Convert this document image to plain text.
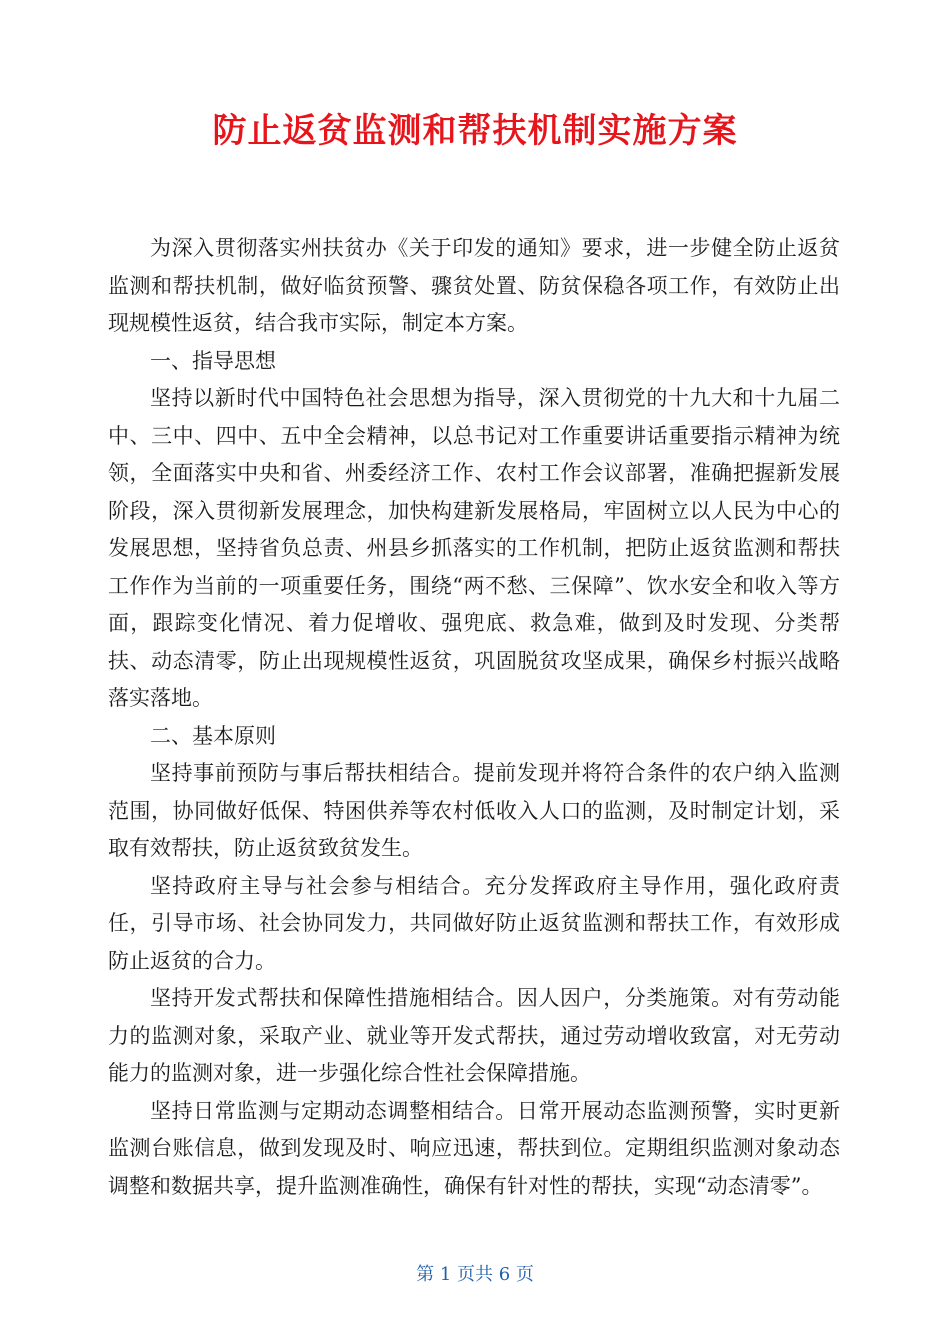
防止返贫监测和帮扶机制实施方案

为深入贯彻落实州扶贫办《关于印发的通知》要求，进一步健全防止返贫监测和帮扶机制，做好临贫预警、骤贫处置、防贫保稳各项工作，有效防止出现规模性返贫，结合我市实际，制定本方案。

一、指导思想

坚持以新时代中国特色社会思想为指导，深入贯彻党的十九大和十九届二中、三中、四中、五中全会精神，以总书记对工作重要讲话重要指示精神为统领，全面落实中央和省、州委经济工作、农村工作会议部署，准确把握新发展阶段，深入贯彻新发展理念，加快构建新发展格局，牢固树立以人民为中心的发展思想，坚持省负总责、州县乡抓落实的工作机制，把防止返贫监测和帮扶工作作为当前的一项重要任务，围绕“两不愁、三保障”、饮水安全和收入等方面，跟踪变化情况、着力促增收、强兜底、救急难，做到及时发现、分类帮扶、动态清零，防止出现规模性返贫，巩固脱贫攻坚成果，确保乡村振兴战略落实落地。

二、基本原则

坚持事前预防与事后帮扶相结合。提前发现并将符合条件的农户纳入监测范围，协同做好低保、特困供养等农村低收入人口的监测，及时制定计划，采取有效帮扶，防止返贫致贫发生。

坚持政府主导与社会参与相结合。充分发挥政府主导作用，强化政府责任，引导市场、社会协同发力，共同做好防止返贫监测和帮扶工作，有效形成防止返贫的合力。

坚持开发式帮扶和保障性措施相结合。因人因户，分类施策。对有劳动能力的监测对象，采取产业、就业等开发式帮扶，通过劳动增收致富，对无劳动能力的监测对象，进一步强化综合性社会保障措施。

坚持日常监测与定期动态调整相结合。日常开展动态监测预警，实时更新监测台账信息，做到发现及时、响应迅速，帮扶到位。定期组织监测对象动态调整和数据共享，提升监测准确性，确保有针对性的帮扶，实现“动态清零”。

第 1 页共 6 页
